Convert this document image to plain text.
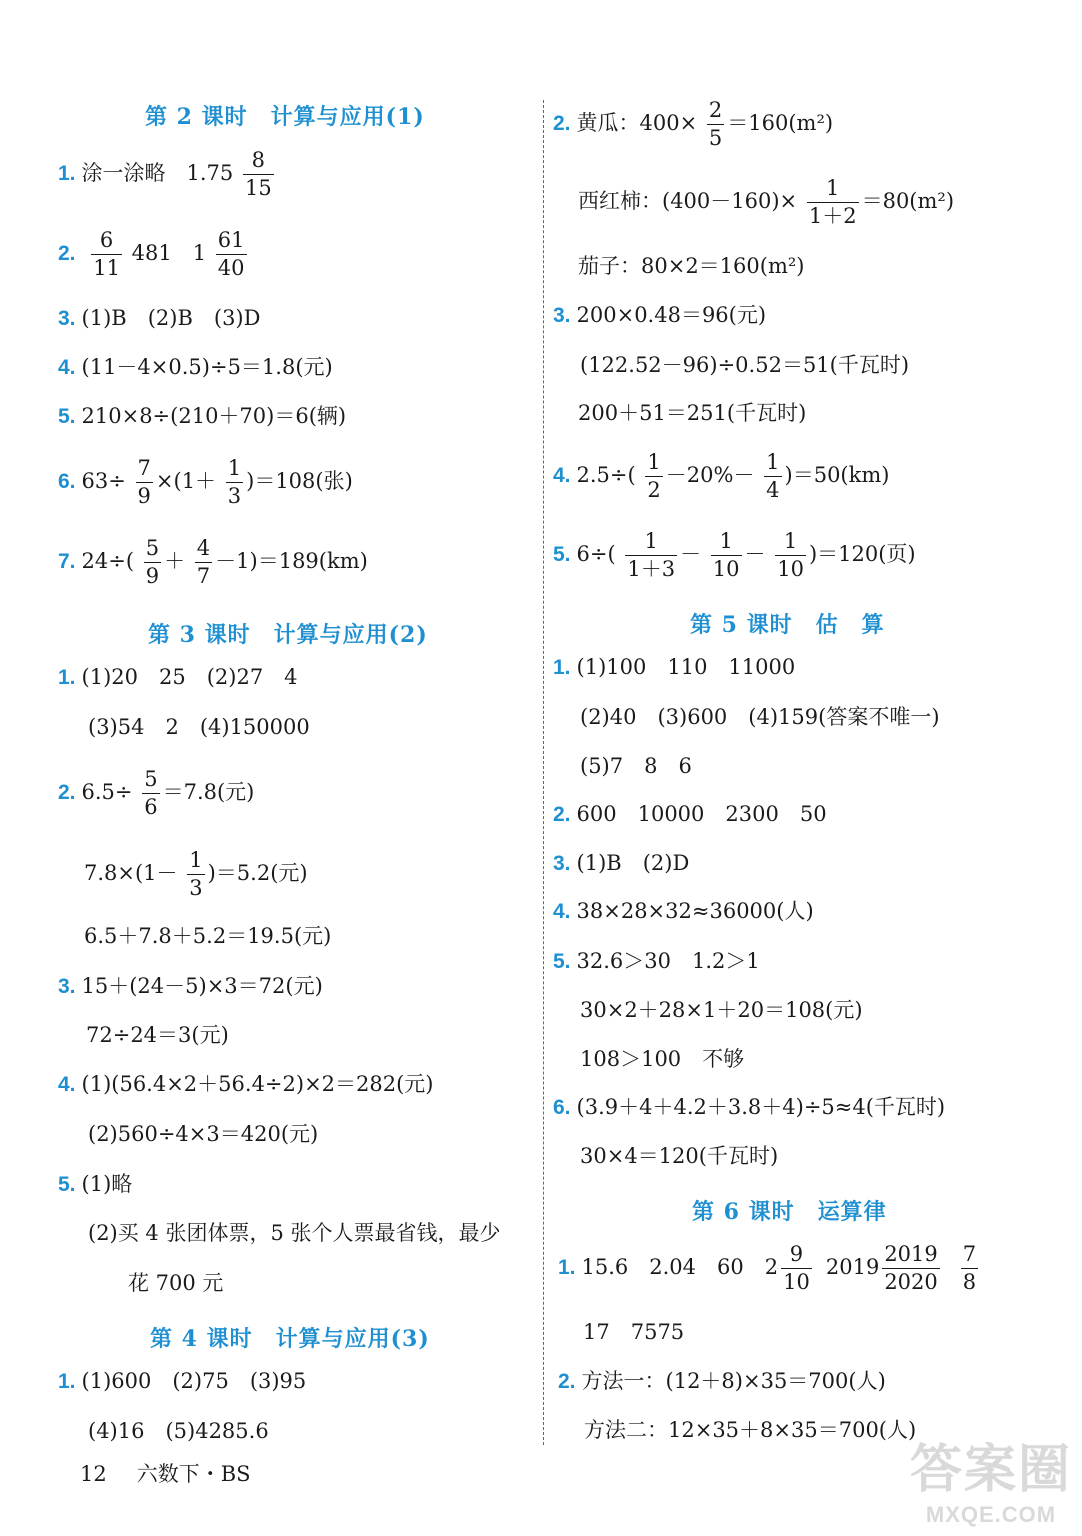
第 2 课时　计算与应用(1)
1. 涂一涂略　$1.75 \frac{8}{15}$
2. $\frac{6}{11} 481$　$1 \frac{61}{40}$
3. (1)B　(2)B　(3)D
4. (11－4×0.5)÷5＝1.8(元)
5. 210×8÷(210＋70)＝6(辆)
6. $63\div \frac{7}{9} \times(1+ \frac{1}{3} )=108$(张)
7. $24\div( \frac{5}{9} + \frac{4}{7} -1)=189(km)$
第 3 课时　计算与应用(2)
1. (1)20　25　(2)27　4
(3)54　2　(4)150000
2. $6.5\div \frac{5}{6} =7.8$(元)
$7.8\times(1- \frac{1}{3} )=5.2$(元)
6.5＋7.8＋5.2＝19.5(元)
3. 15＋(24－5)×3＝72(元)
72÷24＝3(元)
4. (1)(56.4×2＋56.4÷2)×2＝282(元)
(2)560÷4×3＝420(元)
5. (1)略
(2)买 4 张团体票，5 张个人票最省钱，最少
花 700 元
第 4 课时　计算与应用(3)
1. (1)600　(2)75　(3)95
(4)16　(5)4285.6
2. 黄瓜：$400\times \frac{2}{5} =160(m^2)$
西红柿：$(400-160)\times \frac{1}{1+2} =80(m^2)$
茄子：80×2＝160(m²)
3. 200×0.48＝96(元)
(122.52－96)÷0.52＝51(千瓦时)
200＋51＝251(千瓦时)
4. $2.5\div( \frac{1}{2} -20\%- \frac{1}{4} )=50(km)$
5. $6\div( \frac{1}{1+3} - \frac{1}{10} - \frac{1}{10} )=120$(页)
第 5 课时　估　算
1. (1)100　110　11000
(2)40　(3)600　(4)159(答案不唯一)
(5)7　8　6
2. 600　10000　2300　50
3. (1)B　(2)D
4. 38×28×32≈36000(人)
5. 32.6＞30　1.2＞1
30×2＋28×1＋20＝108(元)
108＞100　不够
6. (3.9＋4＋4.2＋3.8＋4)÷5≈4(千瓦时)
30×4＝120(千瓦时)
第 6 课时　运算律
1. 15.6　2.04　60　$2 \frac{9}{10} 2019 \frac{2019}{2020} \frac{7}{8}$
17　7575
2. 方法一：(12＋8)×35＝700(人)
方法二：12×35＋8×35＝700(人)
12 六数下・BS	答案圈
MXQE.COM
